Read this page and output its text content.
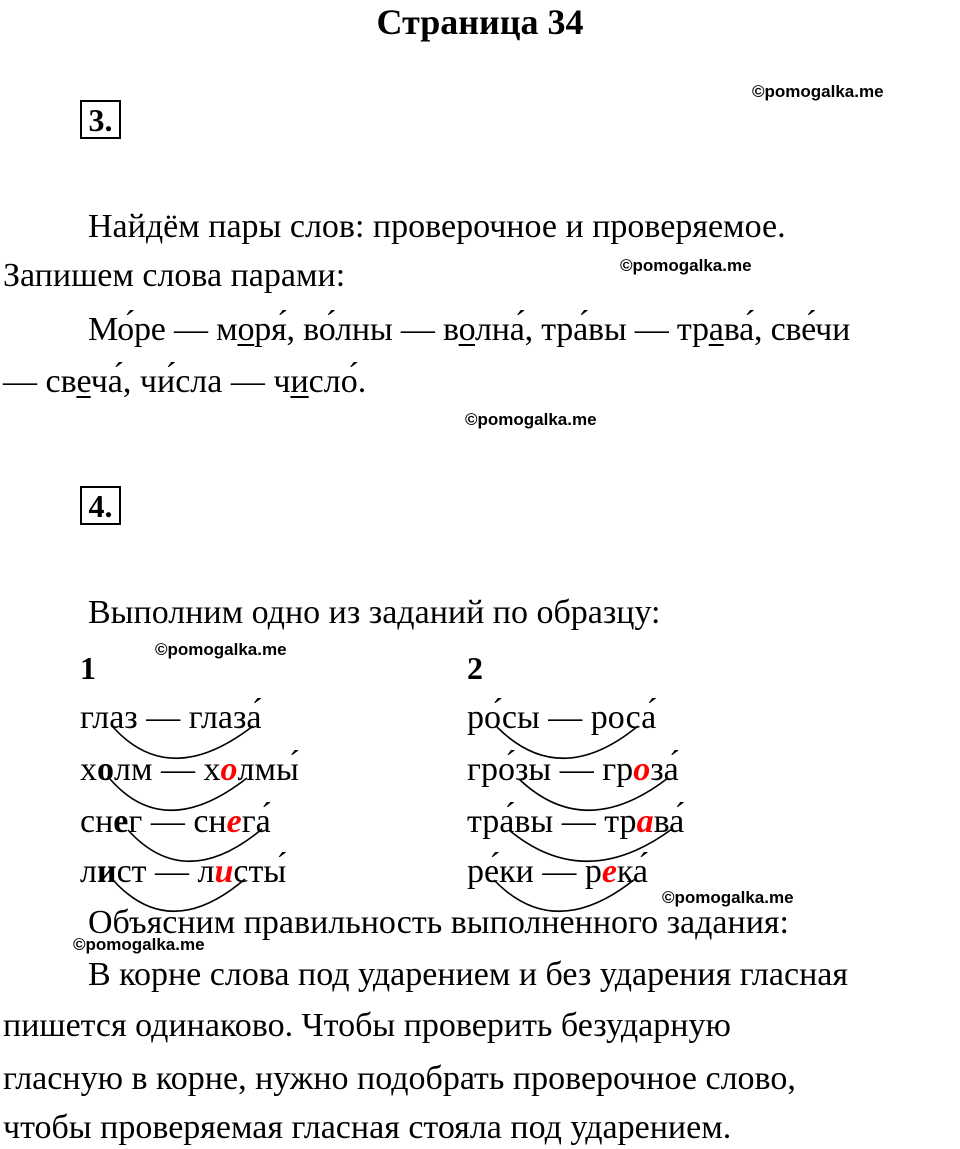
Страница 34
©pomogalka.me
©pomogalka.me
©pomogalka.me
©pomogalka.me
©pomogalka.me
©pomogalka.me
3.
Найдём пары слов: проверочное и проверяемое.
Запишем слова парами:
Мо́ре — моря́, во́лны — волна́, тра́вы — трава́, све́чи
— свеча́, чи́сла — число́.
4.
Выполним одно из заданий по образцу:
1	2
глаз — глаза́
холм — холмы́
снег — снега́
лист — листы́
ро́сы — роса́
гро́зы — гроза́
тра́вы — трава́
ре́ки — река́
Объясним правильность выполненного задания:
В корне слова под ударением и без ударения гласная
пишется одинаково. Чтобы проверить безударную
гласную в корне, нужно подобрать проверочное слово,
чтобы проверяемая гласная стояла под ударением.
